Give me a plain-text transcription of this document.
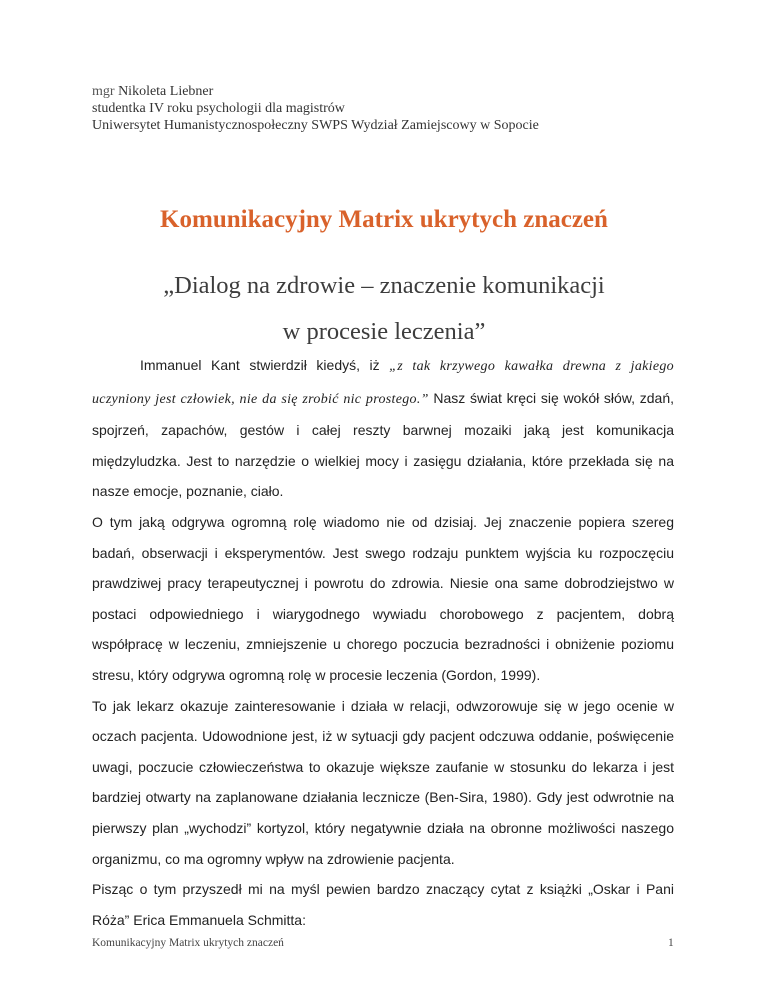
mgr Nikoleta Liebner
studentka IV roku psychologii dla magistrów
Uniwersytet Humanistycznospołeczny SWPS Wydział Zamiejscowy w Sopocie
Komunikacyjny Matrix ukrytych znaczeń
„Dialog na zdrowie – znaczenie komunikacji
w procesie leczenia”

Immanuel Kant stwierdził kiedyś, iż „z tak krzywego kawałka drewna z jakiego uczyniony jest człowiek, nie da się zrobić nic prostego.” Nasz świat kręci się wokół słów, zdań, spojrzeń, zapachów, gestów i całej reszty barwnej mozaiki jaką jest komunikacja międzyludzka. Jest to narzędzie o wielkiej mocy i zasięgu działania, które przekłada się na nasze emocje, poznanie, ciało.

O tym jaką odgrywa ogromną rolę wiadomo nie od dzisiaj. Jej znaczenie popiera szereg badań, obserwacji i eksperymentów. Jest swego rodzaju punktem wyjścia ku rozpoczęciu prawdziwej pracy terapeutycznej i powrotu do zdrowia. Niesie ona same dobrodziejstwo w postaci odpowiedniego i wiarygodnego wywiadu chorobowego z pacjentem, dobrą współpracę w leczeniu, zmniejszenie u chorego poczucia bezradności i obniżenie poziomu stresu, który odgrywa ogromną rolę w procesie leczenia (Gordon, 1999).

To jak lekarz okazuje zainteresowanie i działa w relacji, odwzorowuje się w jego ocenie w oczach pacjenta. Udowodnione jest, iż w sytuacji gdy pacjent odczuwa oddanie, poświęcenie uwagi, poczucie człowieczeństwa to okazuje większe zaufanie w stosunku do lekarza i jest bardziej otwarty na zaplanowane działania lecznicze (Ben-Sira, 1980). Gdy jest odwrotnie na pierwszy plan „wychodzi” kortyzol, który negatywnie działa na obronne możliwości naszego organizmu, co ma ogromny wpływ na zdrowienie pacjenta.

Pisząc o tym przyszedł mi na myśl pewien bardzo znaczący cytat z książki „Oskar i Pani Róża” Erica Emmanuela Schmitta:

Komunikacyjny Matrix ukrytych znaczeń	1
